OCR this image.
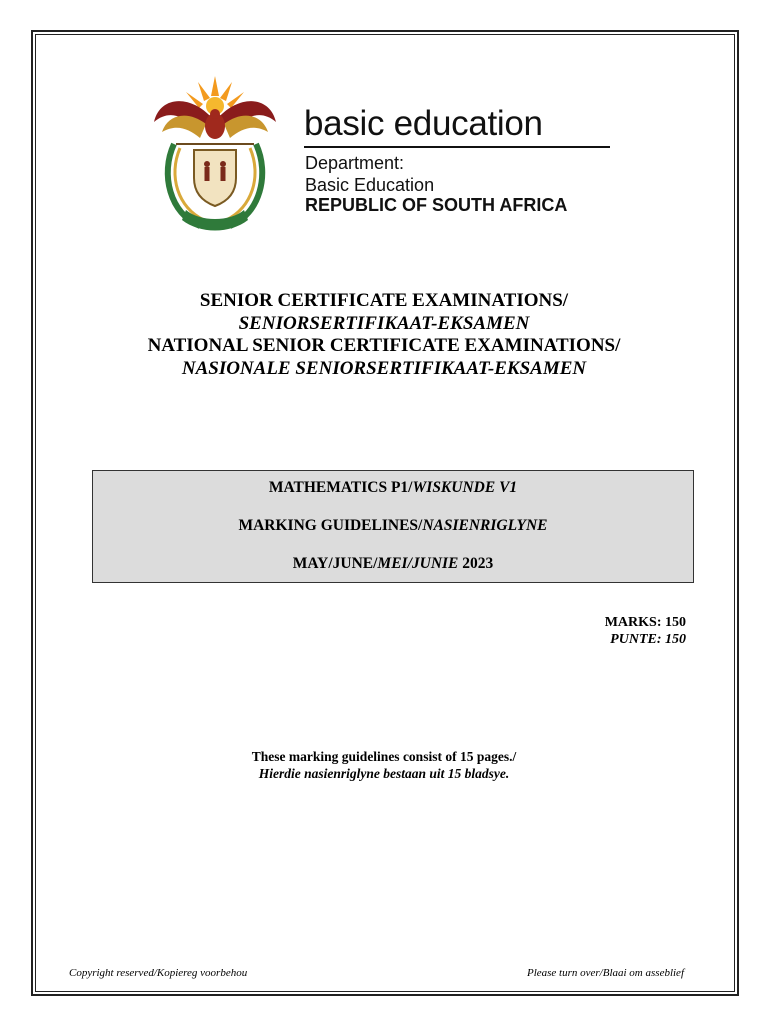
basic education
Department:
Basic Education
REPUBLIC OF SOUTH AFRICA
SENIOR CERTIFICATE EXAMINATIONS/
SENIORSERTIFIKAAT-EKSAMEN
NATIONAL SENIOR CERTIFICATE EXAMINATIONS/
NASIONALE SENIORSERTIFIKAAT-EKSAMEN
MATHEMATICS P1/WISKUNDE V1
MARKING GUIDELINES/NASIENRIGLYNE
MAY/JUNE/MEI/JUNIE 2023
MARKS: 150
PUNTE: 150
These marking guidelines consist of 15 pages./
Hierdie nasienriglyne bestaan uit 15 bladsye.
Copyright reserved/Kopiereg voorbehou	Please turn over/Blaai om asseblief
